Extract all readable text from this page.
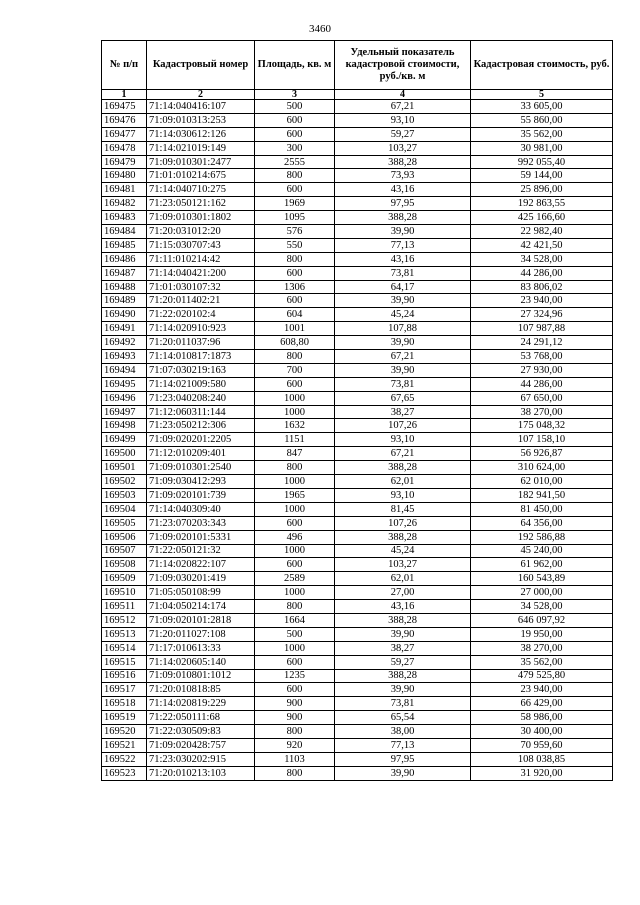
3460
№ п/п	Кадастровый номер	Площадь, кв. м	Удельный показатель кадастровой стоимости, руб./кв. м	Кадастровая стоимость, руб.
1	2	3	4	5
169475	71:14:040416:107	500	67,21	33 605,00
169476	71:09:010313:253	600	93,10	55 860,00
169477	71:14:030612:126	600	59,27	35 562,00
169478	71:14:021019:149	300	103,27	30 981,00
169479	71:09:010301:2477	2555	388,28	992 055,40
169480	71:01:010214:675	800	73,93	59 144,00
169481	71:14:040710:275	600	43,16	25 896,00
169482	71:23:050121:162	1969	97,95	192 863,55
169483	71:09:010301:1802	1095	388,28	425 166,60
169484	71:20:031012:20	576	39,90	22 982,40
169485	71:15:030707:43	550	77,13	42 421,50
169486	71:11:010214:42	800	43,16	34 528,00
169487	71:14:040421:200	600	73,81	44 286,00
169488	71:01:030107:32	1306	64,17	83 806,02
169489	71:20:011402:21	600	39,90	23 940,00
169490	71:22:020102:4	604	45,24	27 324,96
169491	71:14:020910:923	1001	107,88	107 987,88
169492	71:20:011037:96	608,80	39,90	24 291,12
169493	71:14:010817:1873	800	67,21	53 768,00
169494	71:07:030219:163	700	39,90	27 930,00
169495	71:14:021009:580	600	73,81	44 286,00
169496	71:23:040208:240	1000	67,65	67 650,00
169497	71:12:060311:144	1000	38,27	38 270,00
169498	71:23:050212:306	1632	107,26	175 048,32
169499	71:09:020201:2205	1151	93,10	107 158,10
169500	71:12:010209:401	847	67,21	56 926,87
169501	71:09:010301:2540	800	388,28	310 624,00
169502	71:09:030412:293	1000	62,01	62 010,00
169503	71:09:020101:739	1965	93,10	182 941,50
169504	71:14:040309:40	1000	81,45	81 450,00
169505	71:23:070203:343	600	107,26	64 356,00
169506	71:09:020101:5331	496	388,28	192 586,88
169507	71:22:050121:32	1000	45,24	45 240,00
169508	71:14:020822:107	600	103,27	61 962,00
169509	71:09:030201:419	2589	62,01	160 543,89
169510	71:05:050108:99	1000	27,00	27 000,00
169511	71:04:050214:174	800	43,16	34 528,00
169512	71:09:020101:2818	1664	388,28	646 097,92
169513	71:20:011027:108	500	39,90	19 950,00
169514	71:17:010613:33	1000	38,27	38 270,00
169515	71:14:020605:140	600	59,27	35 562,00
169516	71:09:010801:1012	1235	388,28	479 525,80
169517	71:20:010818:85	600	39,90	23 940,00
169518	71:14:020819:229	900	73,81	66 429,00
169519	71:22:050111:68	900	65,54	58 986,00
169520	71:22:030509:83	800	38,00	30 400,00
169521	71:09:020428:757	920	77,13	70 959,60
169522	71:23:030202:915	1103	97,95	108 038,85
169523	71:20:010213:103	800	39,90	31 920,00
